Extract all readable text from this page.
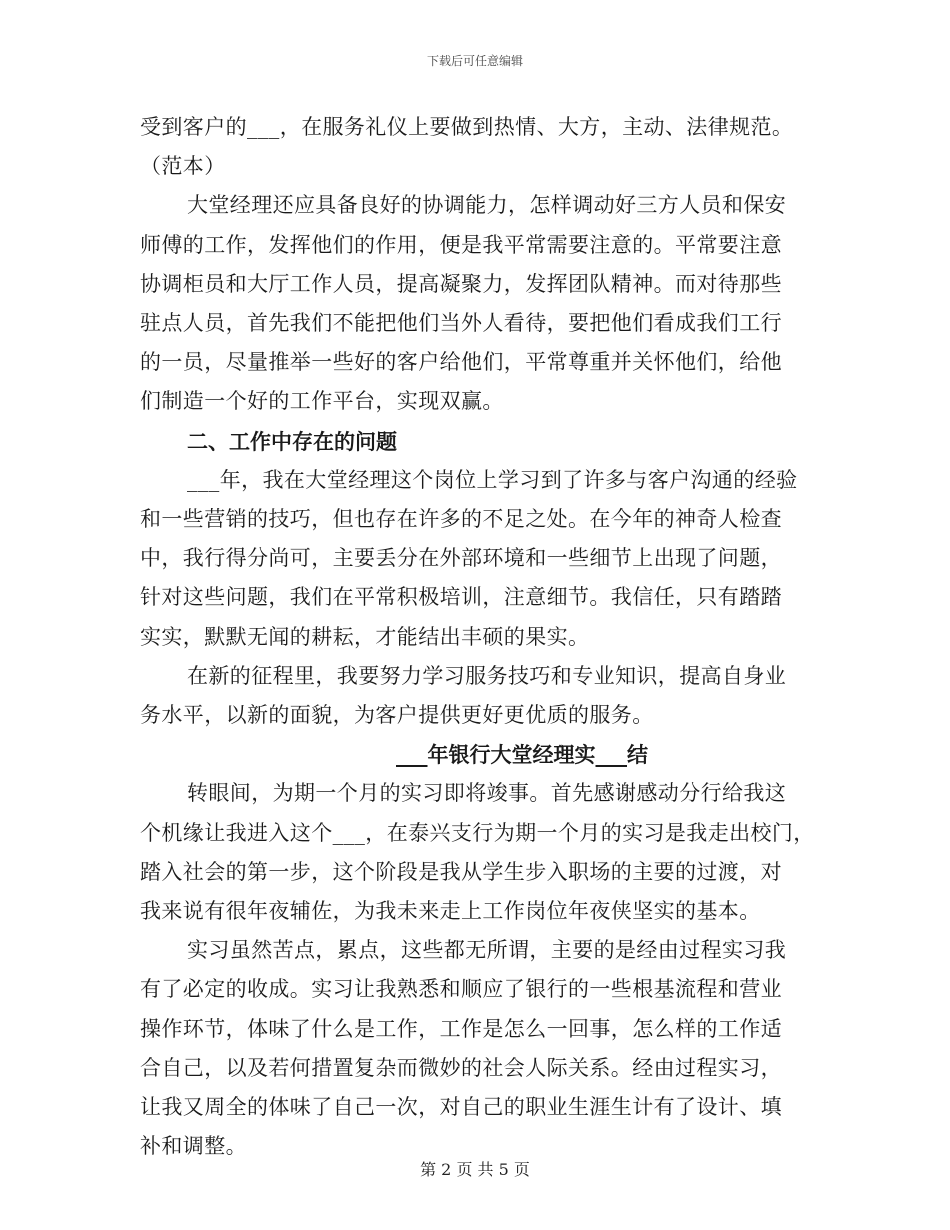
下载后可任意编辑

受到客户的___，在服务礼仪上要做到热情、大方，主动、法律规范。
（范本）

大堂经理还应具备良好的协调能力，怎样调动好三方人员和保安
师傅的工作，发挥他们的作用，便是我平常需要注意的。平常要注意
协调柜员和大厅工作人员，提高凝聚力，发挥团队精神。而对待那些
驻点人员，首先我们不能把他们当外人看待，要把他们看成我们工行
的一员，尽量推举一些好的客户给他们，平常尊重并关怀他们，给他
们制造一个好的工作平台，实现双赢。

二、工作中存在的问题

___年，我在大堂经理这个岗位上学习到了许多与客户沟通的经验
和一些营销的技巧，但也存在许多的不足之处。在今年的神奇人检查
中，我行得分尚可，主要丢分在外部环境和一些细节上出现了问题，
针对这些问题，我们在平常积极培训，注意细节。我信任，只有踏踏
实实，默默无闻的耕耘，才能结出丰硕的果实。

在新的征程里，我要努力学习服务技巧和专业知识，提高自身业
务水平，以新的面貌，为客户提供更好更优质的服务。

___年银行大堂经理实___结

转眼间，为期一个月的实习即将竣事。首先感谢感动分行给我这
个机缘让我进入这个___，在泰兴支行为期一个月的实习是我走出校门，
踏入社会的第一步，这个阶段是我从学生步入职场的主要的过渡，对
我来说有很年夜辅佐，为我未来走上工作岗位年夜侠坚实的基本。

实习虽然苦点，累点，这些都无所谓，主要的是经由过程实习我
有了必定的收成。实习让我熟悉和顺应了银行的一些根基流程和营业
操作环节，体味了什么是工作，工作是怎么一回事，怎么样的工作适
合自己，以及若何措置复杂而微妙的社会人际关系。经由过程实习，
让我又周全的体味了自己一次，对自己的职业生涯生计有了设计、填
补和调整。

第 2 页 共 5 页
